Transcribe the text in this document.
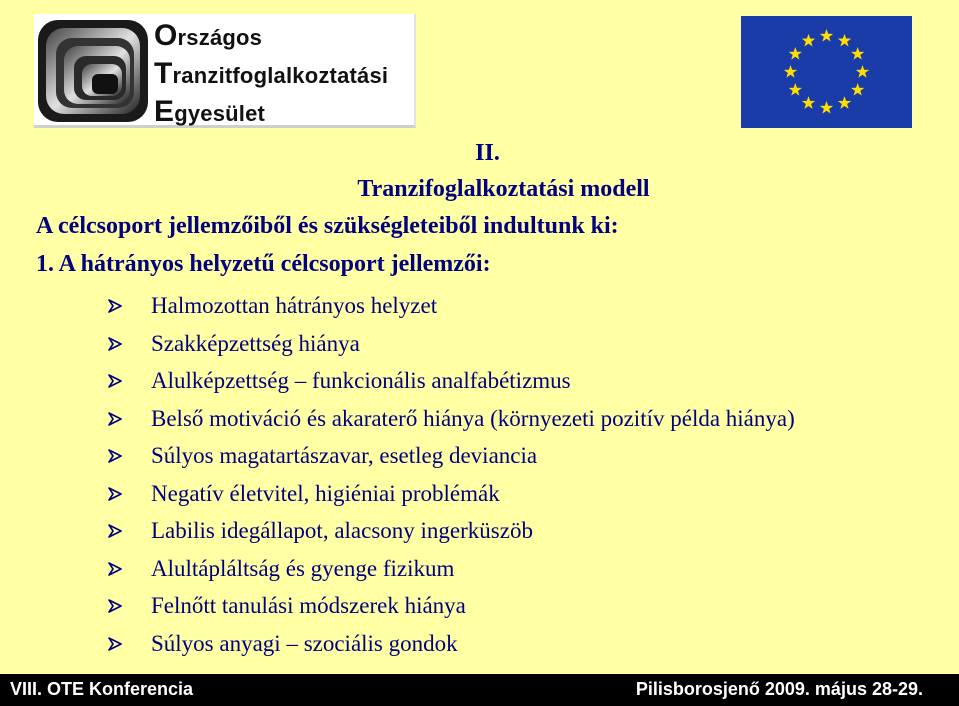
Országos
Tranzitfoglalkoztatási
Egyesület
II.
Tranzifoglalkoztatási modell
A célcsoport jellemzőiből és szükségleteiből indultunk ki:
1. A hátrányos helyzetű célcsoport jellemzői:
Halmozottan hátrányos helyzet
Szakképzettség hiánya
Alulképzettség – funkcionális analfabétizmus
Belső motiváció és akaraterő hiánya (környezeti pozitív példa hiánya)
Súlyos magatartászavar, esetleg deviancia
Negatív életvitel, higiéniai problémák
Labilis idegállapot, alacsony ingerküszöb
Alultápláltság és gyenge fizikum
Felnőtt tanulási módszerek hiánya
Súlyos anyagi – szociális gondok
VIII. OTE Konferencia	Pilisborosjenő 2009. május 28-29.
